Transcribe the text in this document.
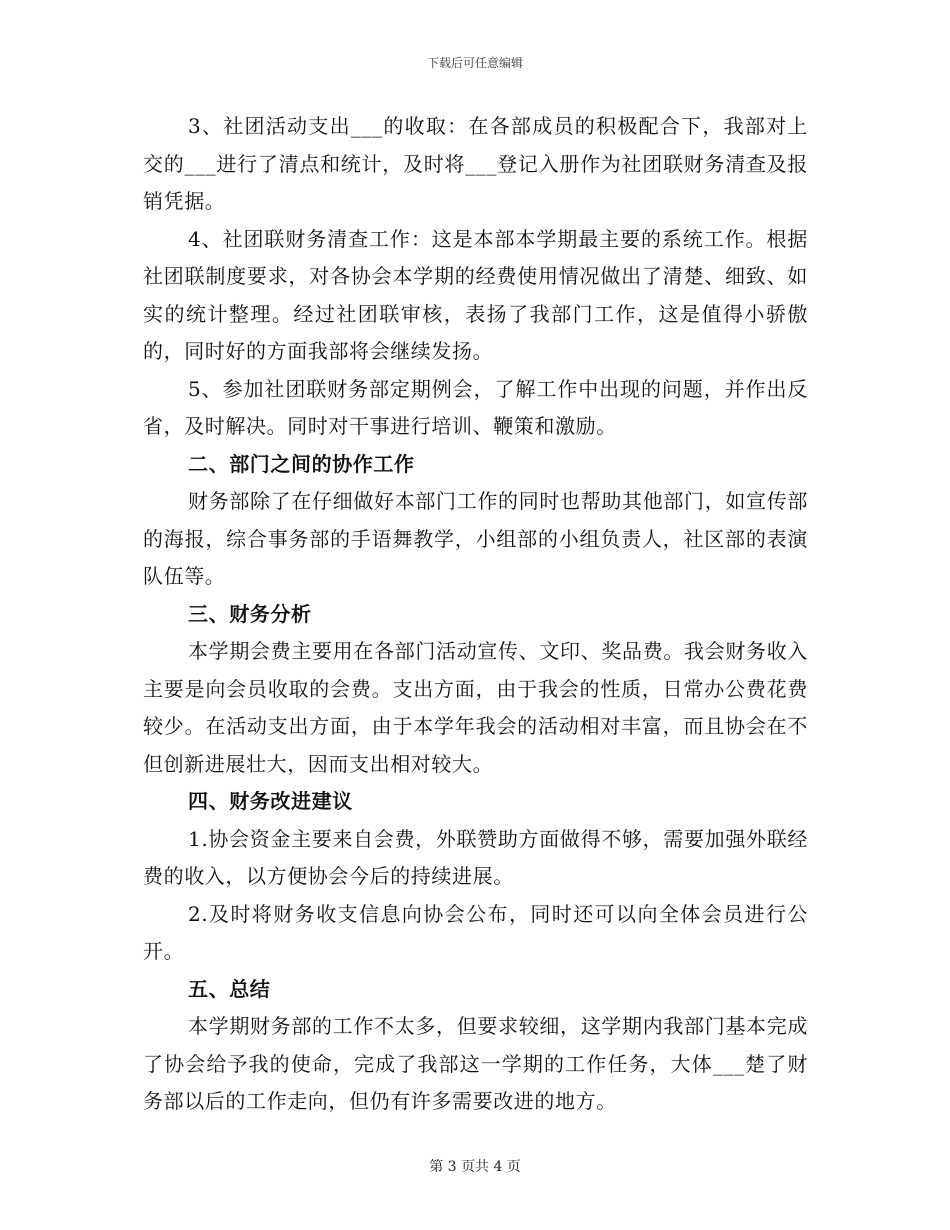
下载后可任意编辑

3、社团活动支出___的收取：在各部成员的积极配合下，我部对上交的___进行了清点和统计，及时将___登记入册作为社团联财务清查及报销凭据。

4、社团联财务清查工作：这是本部本学期最主要的系统工作。根据社团联制度要求，对各协会本学期的经费使用情况做出了清楚、细致、如实的统计整理。经过社团联审核，表扬了我部门工作，这是值得小骄傲的，同时好的方面我部将会继续发扬。

5、参加社团联财务部定期例会，了解工作中出现的问题，并作出反省，及时解决。同时对干事进行培训、鞭策和激励。

二、部门之间的协作工作

财务部除了在仔细做好本部门工作的同时也帮助其他部门，如宣传部的海报，综合事务部的手语舞教学，小组部的小组负责人，社区部的表演队伍等。

三、财务分析

本学期会费主要用在各部门活动宣传、文印、奖品费。我会财务收入主要是向会员收取的会费。支出方面，由于我会的性质，日常办公费花费较少。在活动支出方面，由于本学年我会的活动相对丰富，而且协会在不但创新进展壮大，因而支出相对较大。

四、财务改进建议

1.协会资金主要来自会费，外联赞助方面做得不够，需要加强外联经费的收入，以方便协会今后的持续进展。

2.及时将财务收支信息向协会公布，同时还可以向全体会员进行公开。

五、总结

本学期财务部的工作不太多，但要求较细，这学期内我部门基本完成了协会给予我的使命，完成了我部这一学期的工作任务，大体___楚了财务部以后的工作走向，但仍有许多需要改进的地方。

第 3 页共 4 页
